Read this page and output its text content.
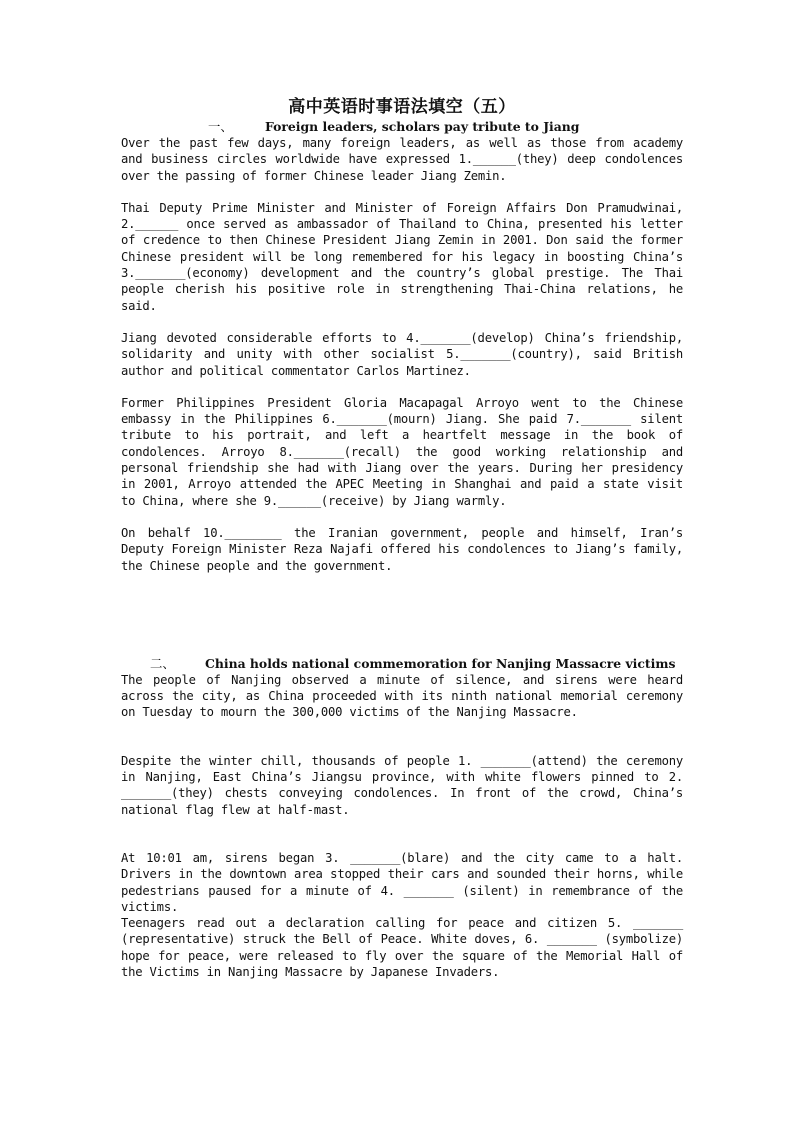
高中英语时事语法填空（五）
一、	Foreign leaders, scholars pay tribute to Jiang

Over the past few days, many foreign leaders, as well as those from academy and business circles worldwide have expressed 1.______(they) deep condolences over the passing of former Chinese leader Jiang Zemin.

Thai Deputy Prime Minister and Minister of Foreign Affairs Don Pramudwinai, 2.______ once served as ambassador of Thailand to China, presented his letter of credence to then Chinese President Jiang Zemin in 2001. Don said the former Chinese president will be long remembered for his legacy in boosting China’s 3._______(economy) development and the country’s global prestige. The Thai people cherish his positive role in strengthening Thai-China relations, he said.

Jiang devoted considerable efforts to 4._______(develop) China’s friendship, solidarity and unity with other socialist 5._______(country), said British author and political commentator Carlos Martinez.

Former Philippines President Gloria Macapagal Arroyo went to the Chinese embassy in the Philippines 6._______(mourn) Jiang. She paid 7._______ silent tribute to his portrait, and left a heartfelt message in the book of condolences. Arroyo 8._______(recall) the good working relationship and personal friendship she had with Jiang over the years. During her presidency in 2001, Arroyo attended the APEC Meeting in Shanghai and paid a state visit to China, where she 9.______(receive) by Jiang warmly.

On behalf 10.________ the Iranian government, people and himself, Iran’s Deputy Foreign Minister Reza Najafi offered his condolences to Jiang’s family, the Chinese people and the government.

二、 China holds national commemoration for Nanjing Massacre victims

The people of Nanjing observed a minute of silence, and sirens were heard across the city, as China proceeded with its ninth national memorial ceremony on Tuesday to mourn the 300,000 victims of the Nanjing Massacre.

Despite the winter chill, thousands of people 1. _______(attend) the ceremony in Nanjing, East China’s Jiangsu province, with white flowers pinned to 2. _______(they) chests conveying condolences. In front of the crowd, China’s national flag flew at half-mast.

At 10:01 am, sirens began 3. _______(blare) and the city came to a halt. Drivers in the downtown area stopped their cars and sounded their horns, while pedestrians paused for a minute of 4. _______ (silent) in remembrance of the victims.

Teenagers read out a declaration calling for peace and citizen 5. _______ (representative) struck the Bell of Peace. White doves, 6. _______ (symbolize) hope for peace, were released to fly over the square of the Memorial Hall of the Victims in Nanjing Massacre by Japanese Invaders.
